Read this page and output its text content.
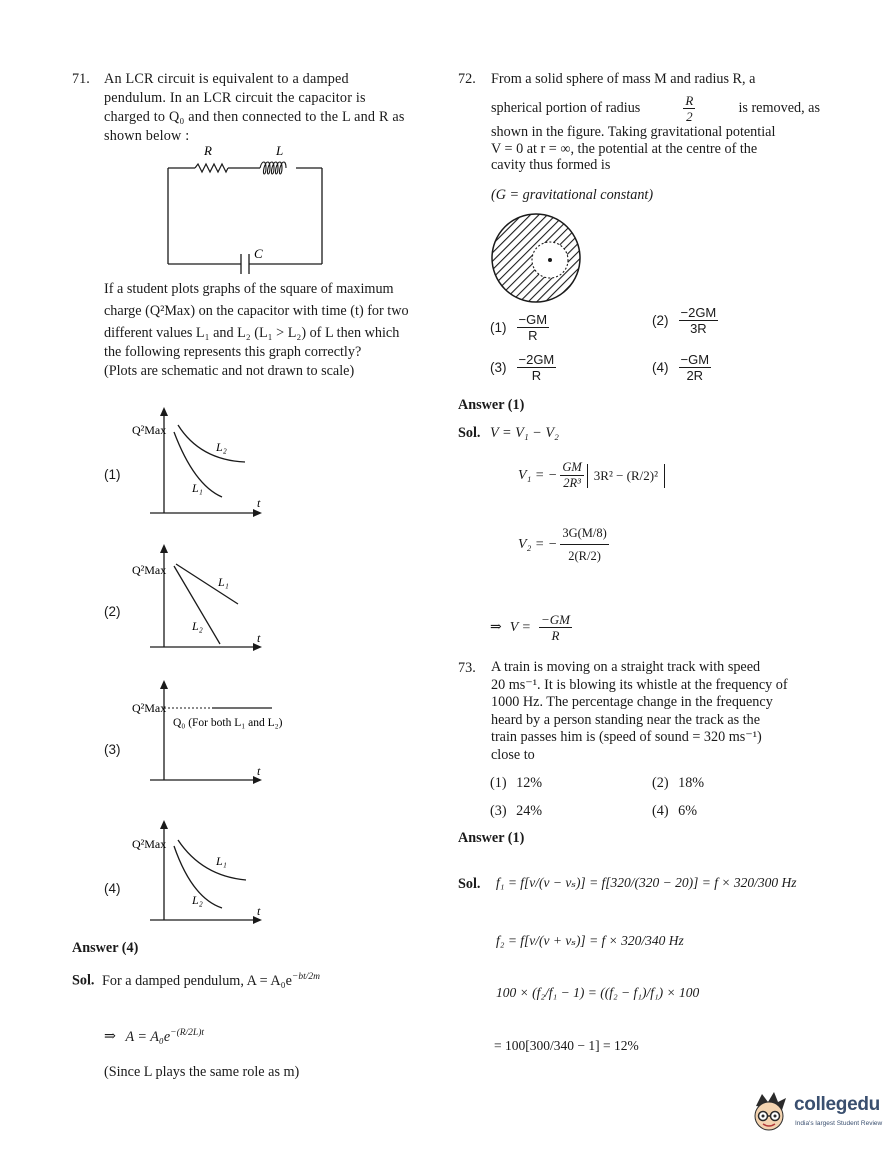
71. An LCR circuit is equivalent to a damped
pendulum. In an LCR circuit the capacitor is
charged to Q₀ and then connected to the L and R as
shown below :
R	L
C
If a student plots graphs of the square of maximum
charge (Q²Max) on the capacitor with time (t) for two
different values L₁ and L₂ (L₁ > L₂) of L then which
the following represents this graph correctly?
(Plots are schematic and not drawn to scale)
(1)
Q²Max
L₂
L₁
t
(2)
Q²Max
L₁
L₂
t
(3)
Q²Max
Q₀ (For both L₁ and L₂)
t
(4)
Q²Max
L₁
L₂
t
Answer (4)
Sol. For a damped pendulum, $A = A_0e^{-bt/2m}$
⇒ $A = A_0e^{-(R/2L)t}$
(Since L plays the same role as m)
72. From a solid sphere of mass M and radius R, a
spherical portion of radius	$\frac{R}{2}$	is removed, as
shown in the figure. Taking gravitational potential
V = 0 at r = ∞, the potential at the centre of the
cavity thus formed is
(G = gravitational constant)
$(1) \frac{-GM}{R}$	$(2) \frac{-2GM}{3R}$
$(3) \frac{-2GM}{R}$	$(4) \frac{-GM}{2R}$
Answer (1)
Sol. V = V₁ − V₂
V₁ = − $\frac{GM}{\text{2R³}} 3R^2 - (R/2)^2$
V₂ = − $\frac{3G(M/8)}{2(R/2)}$
⇒ $V = \frac{-GM}{R}$
73. A train is moving on a straight track with speed
20 ms⁻¹. It is blowing its whistle at the frequency of
1000 Hz. The percentage change in the frequency
heard by a person standing near the track as the
train passes him is (speed of sound = 320 ms⁻¹)
close to
(1) 12%	(2) 18%
(3) 24%	(4) 6%
Answer (1)
Sol. f₁ = f[v/(v − vₛ)] = f[320/(320 − 20)] = f × 320/300 Hz
f₂ = f[v/(v + vₛ)] = f × 320/340 Hz
100 × (f₂/f₁ − 1) = ((f₂ − f₁)/f₁) × 100
= 100[300/340 − 1] = 12%
collegedu
India's largest Student Review
